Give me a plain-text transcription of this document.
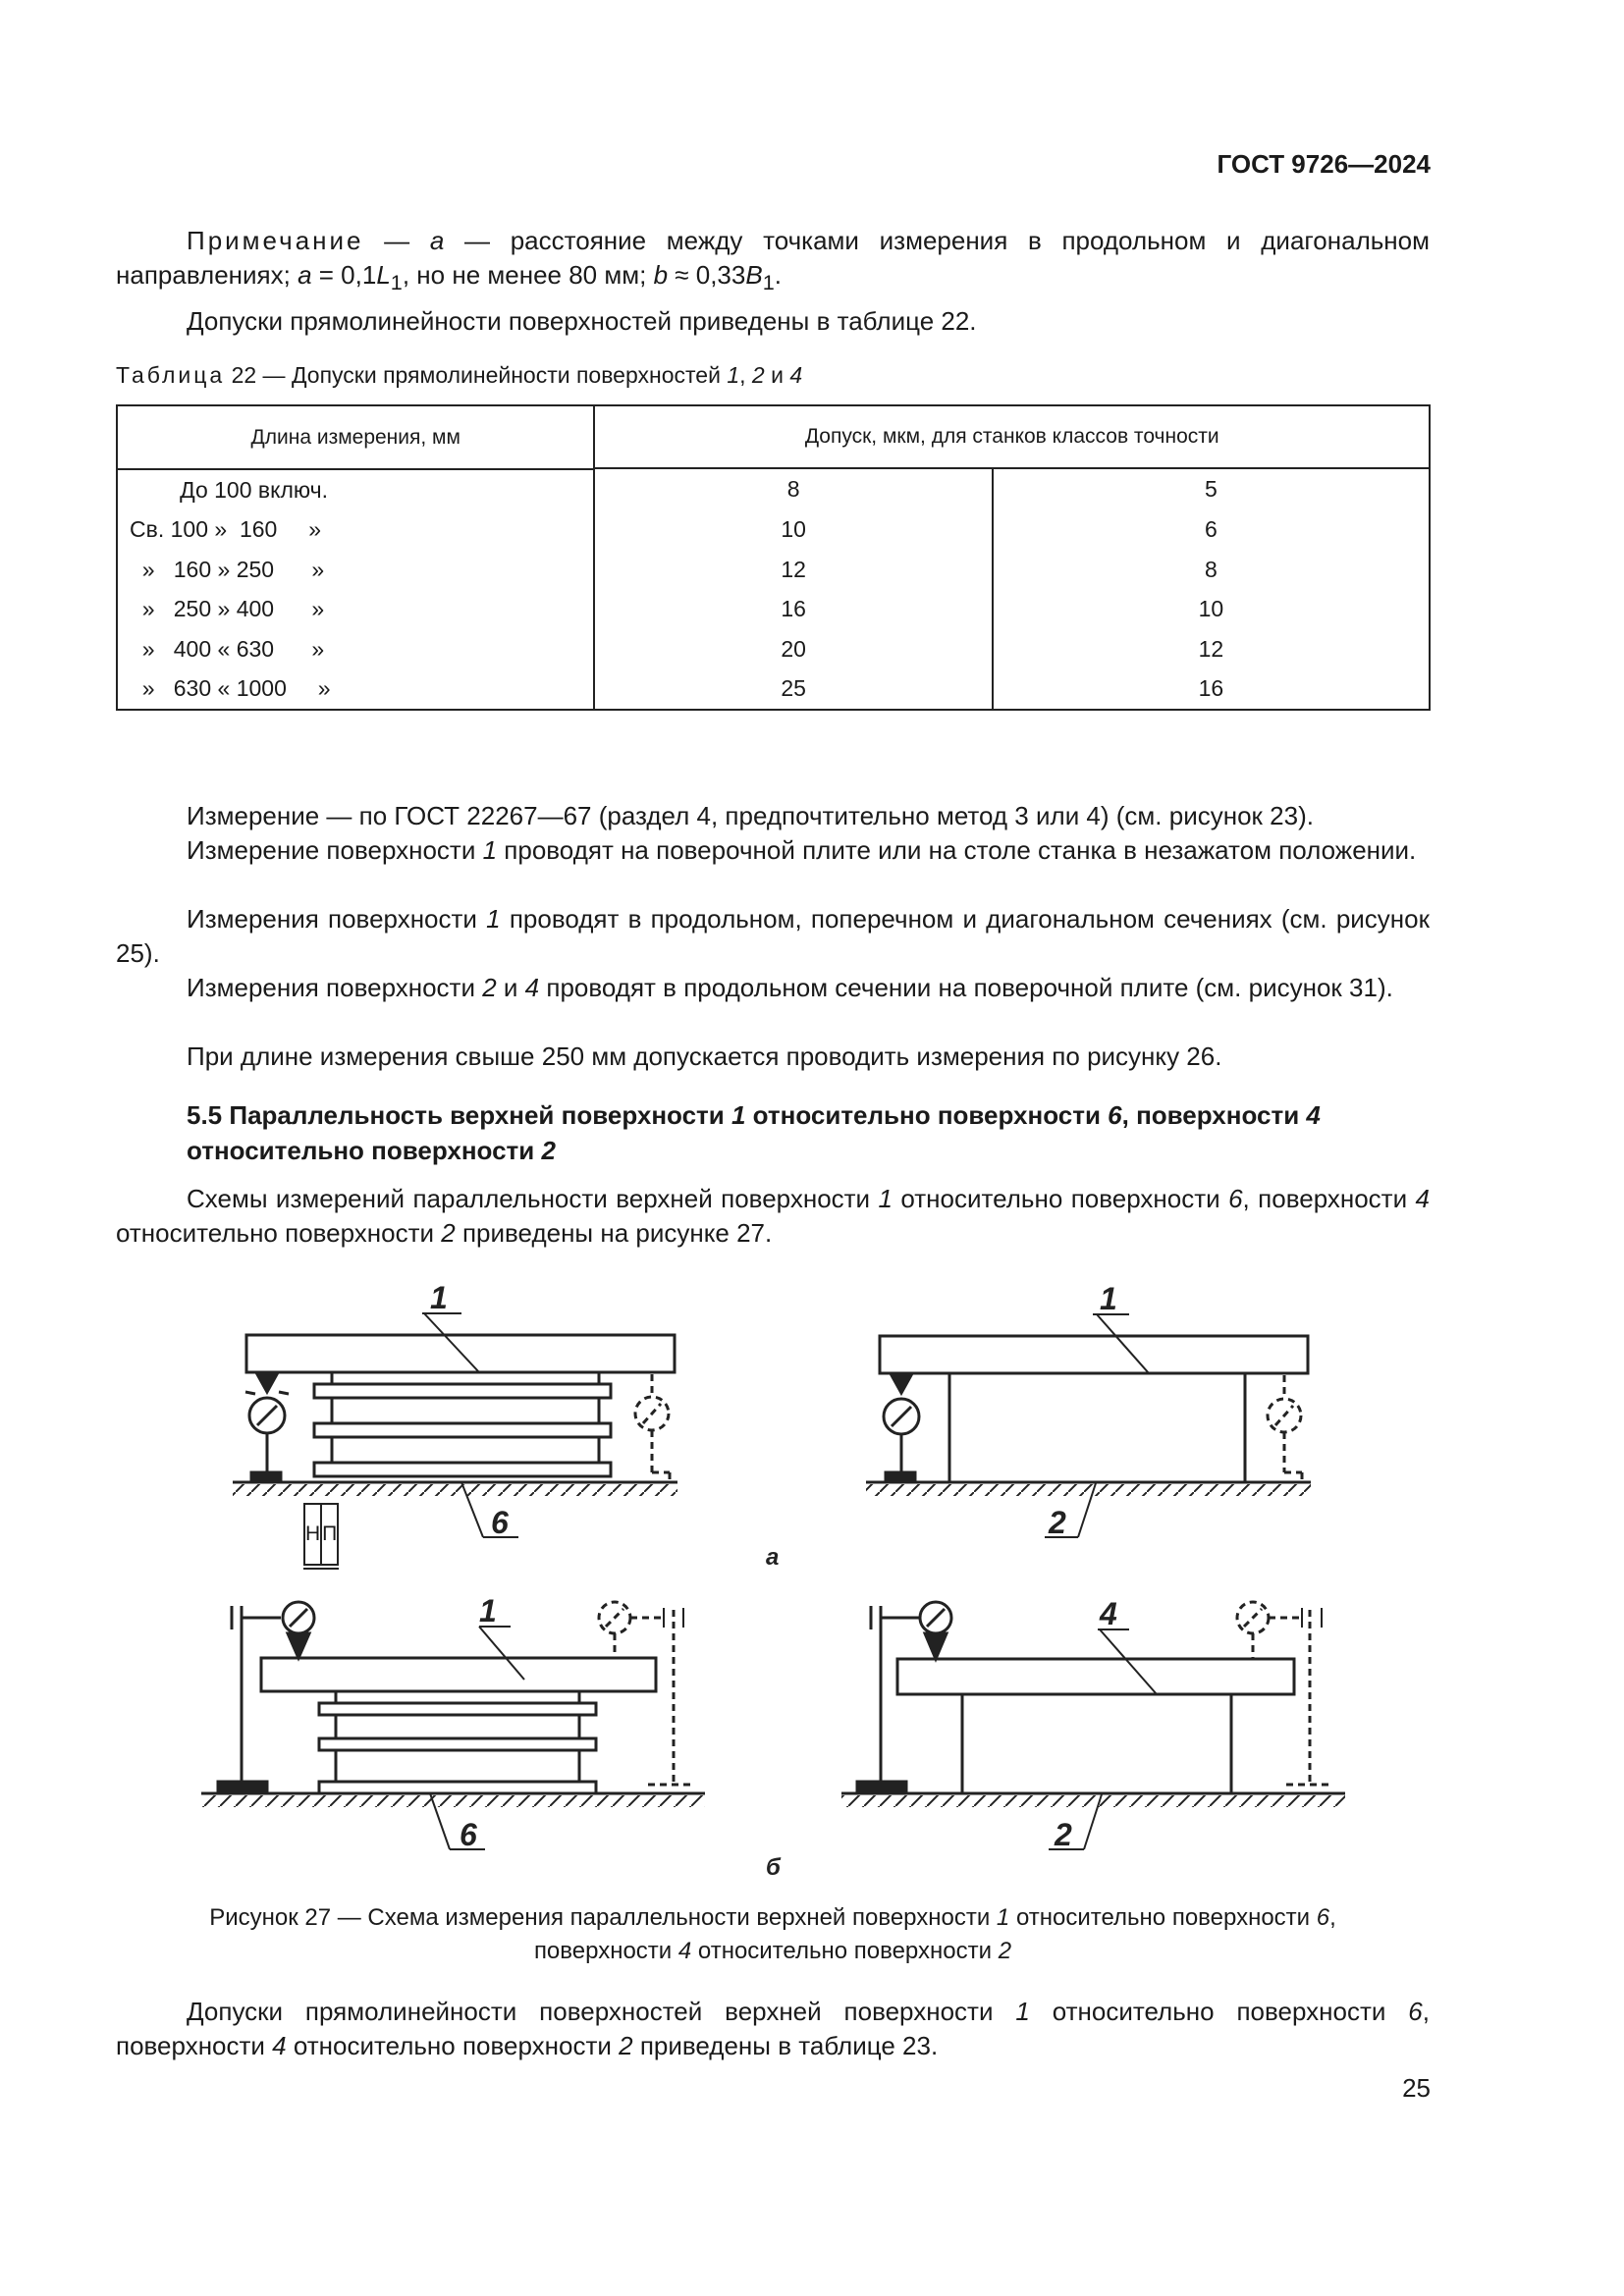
ГОСТ 9726—2024
Примечание — a — расстояние между точками измерения в продольном и диагональном направлениях; $a = 0,1L_1$, но не менее 80 мм; $b \approx 0,33B_1$.
Допуски прямолинейности поверхностей приведены в таблице 22.
Таблица 22 — Допуски прямолинейности поверхностей 1, 2 и 4
Длина измерения, мм	Допуск, мкм, для станков классов точности

Н	П
До 100 включ.	8	5
Св. 100 »  160     »	10	6
»   160 » 250      »	12	8
»   250 » 400      »	16	10
»   400 « 630      »	20	12
»   630 « 1000     »	25	16
Измерение — по ГОСТ 22267—67 (раздел 4, предпочтительно метод 3 или 4) (см. рисунок 23).
Измерение поверхности 1 проводят на поверочной плите или на столе станка в незажатом положении.
Измерения поверхности 1 проводят в продольном, поперечном и диагональном сечениях (см. рисунок 25).
Измерения поверхности 2 и 4 проводят в продольном сечении на поверочной плите (см. рисунок 31).
При длине измерения свыше 250 мм допускается проводить измерения по рисунку 26.
5.5 Параллельность верхней поверхности 1 относительно поверхности 6, поверхности 4
относительно поверхности 2
Схемы измерений параллельности верхней поверхности 1 относительно поверхности 6, поверхности 4 относительно поверхности 2 приведены на рисунке 27.
1
6
1
2
а
1
6
4
2
б
Рисунок 27 — Схема измерения параллельности верхней поверхности 1 относительно поверхности 6,
поверхности 4 относительно поверхности 2
Допуски прямолинейности поверхностей верхней поверхности 1 относительно поверхности 6, поверхности 4 относительно поверхности 2 приведены в таблице 23.
25
